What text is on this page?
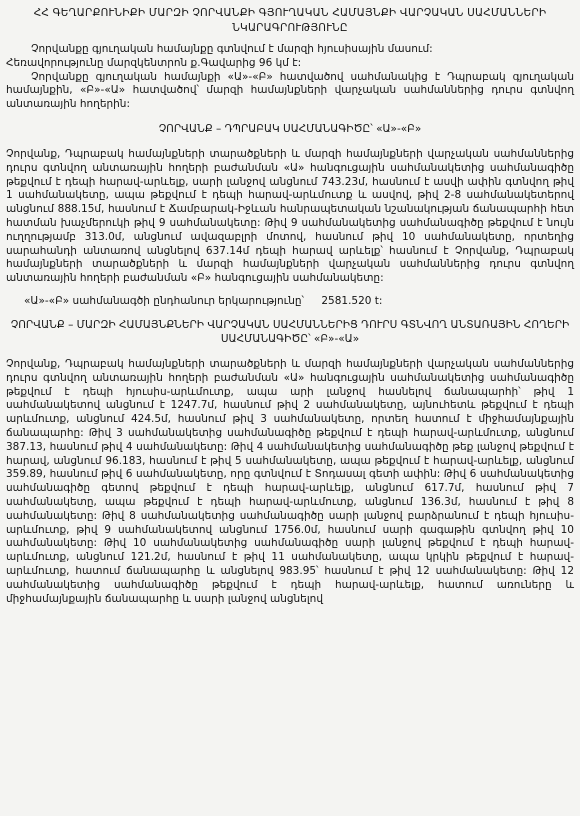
ՀՀ ԳԵՂԱՐՔՈՒՆԻՔԻ ՄԱՐԶԻ ՉՈՐՎԱՆՔԻ ԳՅՈՒՂԱԿԱՆ ՀԱՄԱՅՆՔԻ ՎԱՐՉԱԿԱՆ ՍԱՀՄԱՆՆԵՐԻ ՆԿԱՐԱԳՐՈՒԹՅՈՒՆԸ

Չորվանքը գյուղական համայնքը գտնվում է մարզի հյուսիսային մասում:

Հեռավորությունը մարզկենտրոն ք.Գավարից 96 կմ է:

Չորվանքը գյուղական համայնքի «Ա»-«Բ» հատվածով սահմանակից է Դպրաբակ գյուղական համայնքին, «Բ»-«Ա» հատվածով՝ մարզի համայնքների վարչական սահմաններից դուրս գտնվող անտառային հողերին:

ՉՈՐՎԱՆՔ – ԴՊՐԱԲԱԿ ՍԱՀՄԱՆԱԳԻԾԸ՝ «Ա»-«Բ»

Չորվանք, Դպրաբակ համայնքների տարածքների և մարզի համայնքների վարչական սահմաններից դուրս գտնվող անտառային հողերի բաժանման «Ա» հանգուցային սահմանակետից սահմանագիծը թեքվում է դեպի հարավ-արևելք, սարի լանջով անցնում 743.23մ, հասնում է ասվի ափին գտնվող թիվ 1 սահմանակետը, ապա թեքվում է դեպի հարավ-արևմուտք և ասվով, թիվ 2-8 սահմանակետերով անցնում 888.15մ, հասնում է Ճամբարակ-Իջևան հանրապետական նշանակության ճանապարհի հետ հատման խաչմերուկի թիվ 9 սահմանակետը: Թիվ 9 սահմանակետից սահմանագիծը թեքվում է նույն ուղղությամբ 313.0մ, անցնում ավազաբլրի մոտով, հասնում թիվ 10 սահմանակետը, որտեղից սարահանդի անտառով անցնելով 637.14մ դեպի հարավ արևելք՝ հասնում է Չորվանք, Դպրաբակ համայնքների տարածքների և մարզի համայնքների վարչական սահմաններից դուրս գտնվող անտառային հողերի բաժանման «Բ» հանգուցային սահմանակետը:

«Ա»-«Բ» սահմանագծի ընդհանուր երկարությունը՝ 2581.520 t:
ՉՈՐՎԱՆՔ – ՄԱՐԶԻ ՀԱՄԱՅՆՔՆԵՐԻ ՎԱՐՉԱԿԱՆ ՍԱՀՄԱՆՆԵՐԻՑ ԴՈՒՐՍ ԳՏՆՎՈՂ ԱՆՏԱՌԱՅԻՆ ՀՈՂԵՐԻ ՍԱՀՄԱՆԱԳԻԾԸ՝ «Բ»-«Ա»

Չորվանք, Դպրաբակ համայնքների տարածքների և մարզի համայնքների վարչական սահմաններից դուրս գտնվող անտառային հողերի բաժանման «Ա» հանգուցային սահմանակետից սահմանագիծը թեքվում է դեպի հյուսիս-արևմուտք, ապա արի լանջով հասնելով ճանապարհի՝ թիվ 1 սահմանակետով անցնում է 1247.7մ, հասնում թիվ 2 սահմանակետը, այնուհետև թեքվում է դեպի արևմուտք, անցնում 424.5մ, հասնում թիվ 3 սահմանակետը, որտեղ հատում է միջհամայնքային ճանապարհը: Թիվ 3 սահմանակետից սահմանագիծը թեքվում է դեպի հարավ-արևմուտք, անցնում 387.13, հասնում թիվ 4 սահմանակետը: Թիվ 4 սահմանակետից սահմանագիծը թեք լանջով թեքվում է հարավ, անցնում 96.183, հասնում է թիվ 5 սահմանակետը, ապա թեքվում է հարավ-արևելք, անցնում 359.89, հասնում թիվ 6 սահմանակետը, որը գտնվում է Տոդասալ գետի ափին: Թիվ 6 սահմանակետից սահմանագիծը գետով թեքվում է դեպի հարավ-արևելք, անցնում 617.7մ, հասնում թիվ 7 սահմանակետը, ապա թեքվում է դեպի հարավ-արևմուտք, անցնում 136.3մ, հասնում է թիվ 8 սահմանակետը: Թիվ 8 սահմանակետից սահմանագիծը սարի լանջով բարձրանում է դեպի հյուսիս-արևմուտք, թիվ 9 սահմանակետով անցնում 1756.0մ, հասնում սարի գագաթին գտնվող թիվ 10 սահմանակետը: Թիվ 10 սահմանակետից սահմանագիծը սարի լանջով թեքվում է դեպի հարավ-արևմուտք, անցնում 121.2մ, հասնում է թիվ 11 սահմանակետը, ապա կրկին թեքվում է հարավ-արևմուտք, հատում ճանապարհը և անցնելով 983.95՝ հասնում է թիվ 12 սահմանակետը: Թիվ 12 սահմանակետից սահմանագիծը թեքվում է դեպի հարավ-արևելք, հատում առուները և միջհամայնքային ճանապարհը և սարի լանջով անցնելով
